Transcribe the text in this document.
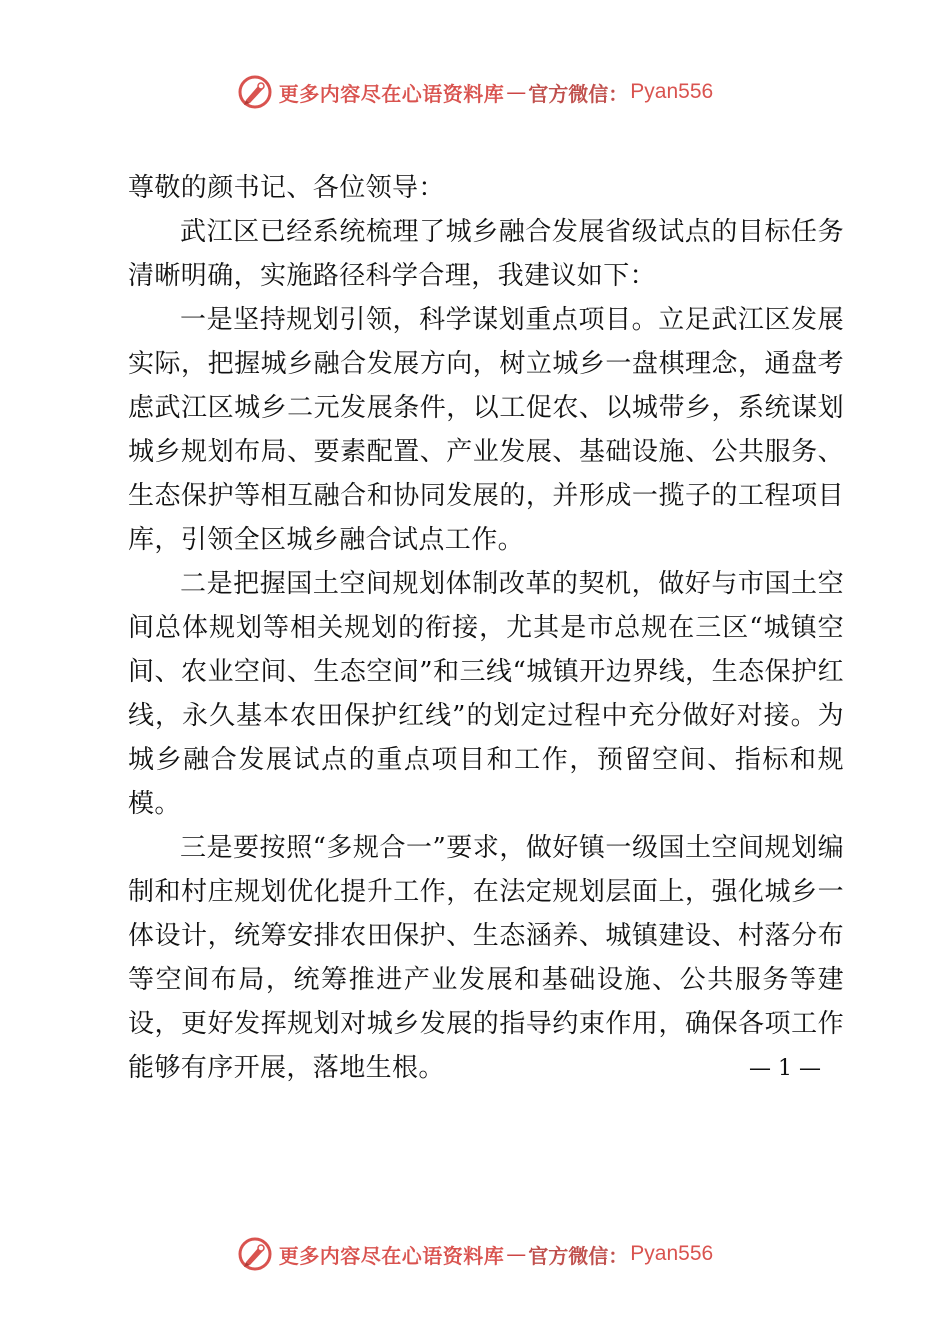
更多内容尽在心语资料库 — 官方微信： Pyan556

尊敬的颜书记、各位领导：

武江区已经系统梳理了城乡融合发展省级试点的目标任务清晰明确，实施路径科学合理，我建议如下：

一是坚持规划引领，科学谋划重点项目。立足武江区发展实际，把握城乡融合发展方向，树立城乡一盘棋理念，通盘考虑武江区城乡二元发展条件，以工促农、以城带乡，系统谋划城乡规划布局、要素配置、产业发展、基础设施、公共服务、生态保护等相互融合和协同发展的，并形成一揽子的工程项目库，引领全区城乡融合试点工作。

二是把握国土空间规划体制改革的契机，做好与市国土空间总体规划等相关规划的衔接，尤其是市总规在三区“城镇空间、农业空间、生态空间”和三线“城镇开边界线，生态保护红线，永久基本农田保护红线”的划定过程中充分做好对接。为城乡融合发展试点的重点项目和工作，预留空间、指标和规模。

三是要按照“多规合一”要求，做好镇一级国土空间规划编制和村庄规划优化提升工作，在法定规划层面上，强化城乡一体设计，统筹安排农田保护、生态涵养、城镇建设、村落分布等空间布局，统筹推进产业发展和基础设施、公共服务等建设，更好发挥规划对城乡发展的指导约束作用，确保各项工作能够有序开展，落地生根。	— 1 —
更多内容尽在心语资料库 — 官方微信： Pyan556
